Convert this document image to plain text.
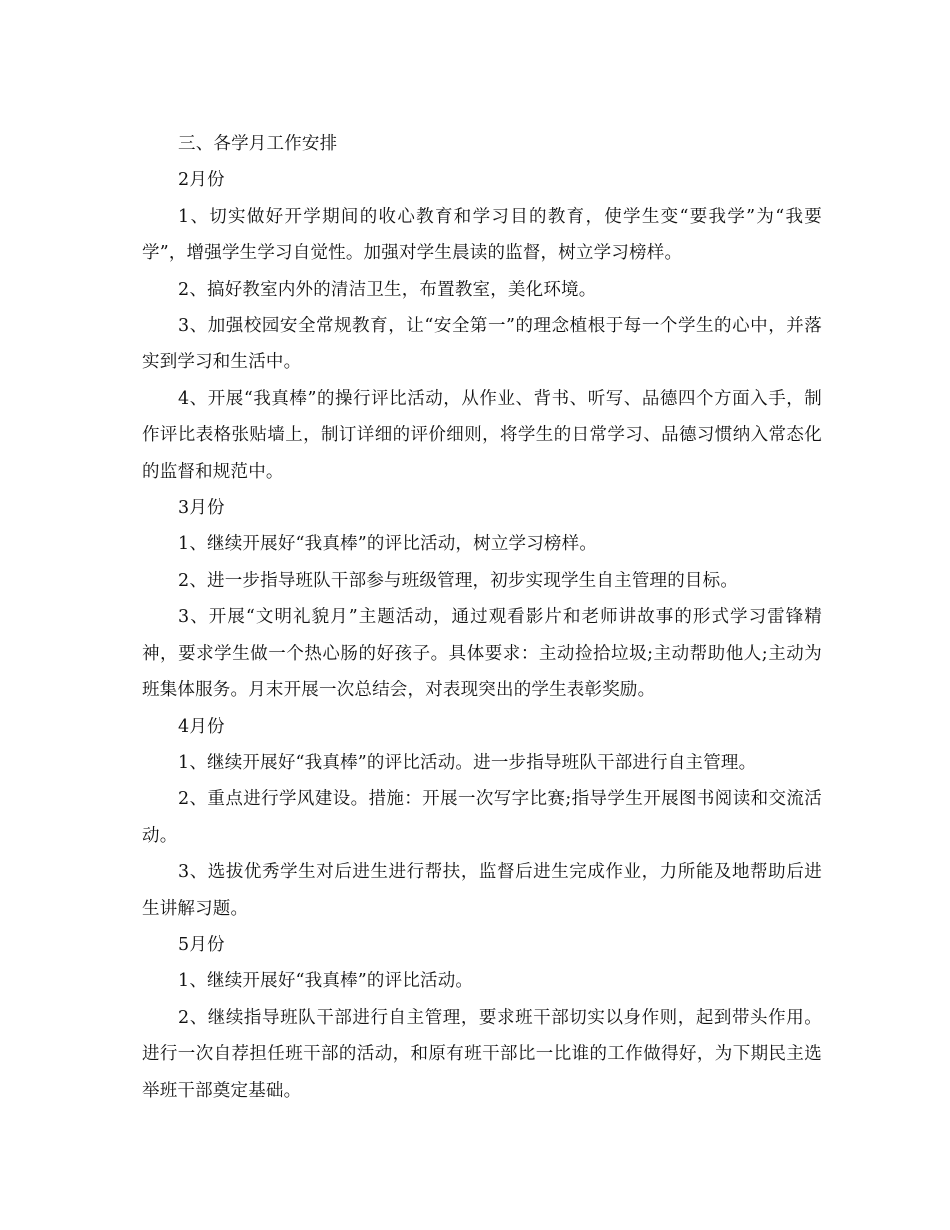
三、各学月工作安排

2月份

1、切实做好开学期间的收心教育和学习目的教育，使学生变“要我学”为“我要学”，增强学生学习自觉性。加强对学生晨读的监督，树立学习榜样。

2、搞好教室内外的清洁卫生，布置教室，美化环境。

3、加强校园安全常规教育，让“安全第一”的理念植根于每一个学生的心中，并落实到学习和生活中。

4、开展“我真棒”的操行评比活动，从作业、背书、听写、品德四个方面入手，制作评比表格张贴墙上，制订详细的评价细则，将学生的日常学习、品德习惯纳入常态化的监督和规范中。

3月份

1、继续开展好“我真棒”的评比活动，树立学习榜样。

2、进一步指导班队干部参与班级管理，初步实现学生自主管理的目标。

3、开展“文明礼貌月”主题活动，通过观看影片和老师讲故事的形式学习雷锋精神，要求学生做一个热心肠的好孩子。具体要求：主动捡拾垃圾;主动帮助他人;主动为班集体服务。月末开展一次总结会，对表现突出的学生表彰奖励。

4月份

1、继续开展好“我真棒”的评比活动。进一步指导班队干部进行自主管理。

2、重点进行学风建设。措施：开展一次写字比赛;指导学生开展图书阅读和交流活动。

3、选拔优秀学生对后进生进行帮扶，监督后进生完成作业，力所能及地帮助后进生讲解习题。

5月份

1、继续开展好“我真棒”的评比活动。

2、继续指导班队干部进行自主管理，要求班干部切实以身作则，起到带头作用。进行一次自荐担任班干部的活动，和原有班干部比一比谁的工作做得好，为下期民主选举班干部奠定基础。
